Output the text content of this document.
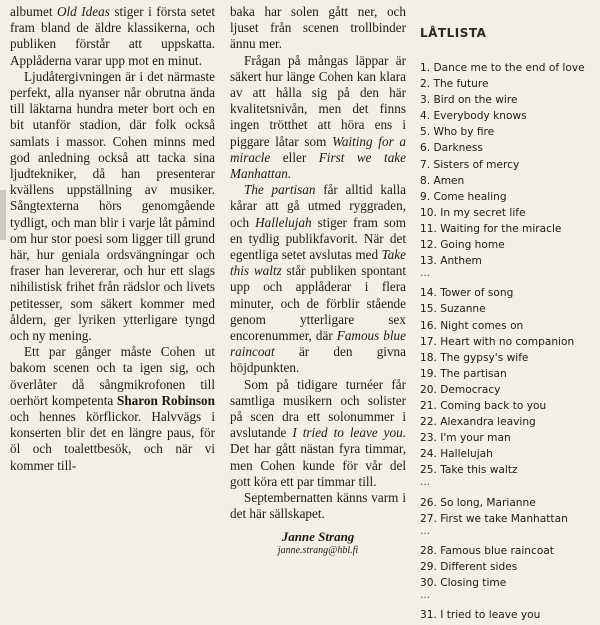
albumet Old Ideas stiger i första setet fram bland de äldre klassikerna, och publiken förstår att uppskatta. Applåderna varar upp mot en minut.

Ljudåtergivningen är i det närmaste perfekt, alla nyanser når obrutna ända till läktarna hundra meter bort och en bit utanför stadion, där folk också samlats i massor. Cohen minns med god anledning också att tacka sina ljudtekniker, då han presenterar kvällens uppställning av musiker. Sångtexterna hörs genomgående tydligt, och man blir i varje låt påmind om hur stor poesi som ligger till grund här, hur geniala ordsvängningar och fraser han levererar, och hur ett slags nihilistisk frihet från rädslor och livets petitesser, som säkert kommer med åldern, ger lyriken ytterligare tyngd och ny mening.

Ett par gånger måste Cohen ut bakom scenen och ta igen sig, och överlåter då sångmikrofonen till oerhört kompetenta Sharon Robinson och hennes körflickor. Halvvägs i konserten blir det en längre paus, för öl och toalettbesök, och när vi kommer till-

baka har solen gått ner, och ljuset från scenen trollbinder ännu mer.

Frågan på mångas läppar är säkert hur länge Cohen kan klara av att hålla sig på den här kvalitetsnivån, men det finns ingen trötthet att höra ens i piggare låtar som Waiting for a miracle eller First we take Manhattan.

The partisan får alltid kalla kårar att gå utmed ryggraden, och Hallelujah stiger fram som en tydlig publikfavorit. När det egentliga setet avslutas med Take this waltz står publiken spontant upp och applåderar i flera minuter, och de förblir stående genom ytterligare sex encorenummer, där Famous blue raincoat är den givna höjdpunkten.

Som på tidigare turnéer får samtliga musikern och solister på scen dra ett solonummer i avslutande I tried to leave you. Det har gått nästan fyra timmar, men Cohen kunde för vår del gott köra ett par timmar till.

Septembernatten känns varm i det här sällskapet.

Janne Strang
janne.strang@hbl.fi
LÅTLISTA
1. Dance me to the end of love
2. The future
3. Bird on the wire
4. Everybody knows
5. Who by fire
6. Darkness
7. Sisters of mercy
8. Amen
9. Come healing
10. In my secret life
11. Waiting for the miracle
12. Going home
13. Anthem
...
14. Tower of song
15. Suzanne
16. Night comes on
17. Heart with no companion
18. The gypsy's wife
19. The partisan
20. Democracy
21. Coming back to you
22. Alexandra leaving
23. I'm your man
24. Hallelujah
25. Take this waltz
...
26. So long, Marianne
27. First we take Manhattan
...
28. Famous blue raincoat
29. Different sides
30. Closing time
...
31. I tried to leave you
